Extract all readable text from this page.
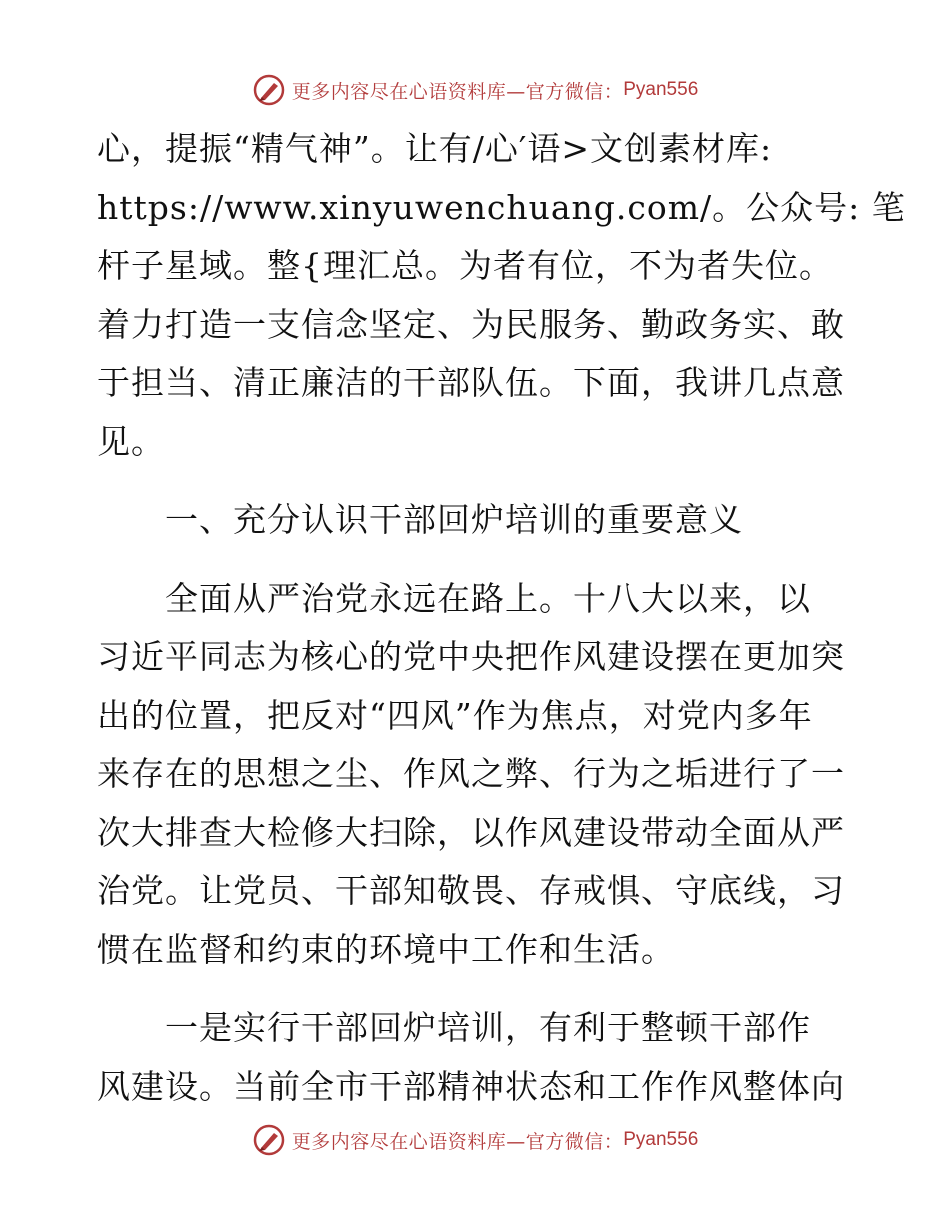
更多内容尽在心语资料库—官方微信： Pyan556

心，提振“精气神”。让有/心′语>文创素材库:
https://www.xinyuwenchuang.com/。公众号: 笔
杆子星域。整{理汇总。为者有位，不为者失位。
着力打造一支信念坚定、为民服务、勤政务实、敢
于担当、清正廉洁的干部队伍。下面，我讲几点意
见。

　　一、充分认识干部回炉培训的重要意义

　　全面从严治党永远在路上。十八大以来，以
习近平同志为核心的党中央把作风建设摆在更加突
出的位置，把反对“四风”作为焦点，对党内多年
来存在的思想之尘、作风之弊、行为之垢进行了一
次大排查大检修大扫除，以作风建设带动全面从严
治党。让党员、干部知敬畏、存戒惧、守底线，习
惯在监督和约束的环境中工作和生活。

　　一是实行干部回炉培训，有利于整顿干部作
风建设。当前全市干部精神状态和工作作风整体向

更多内容尽在心语资料库—官方微信： Pyan556
